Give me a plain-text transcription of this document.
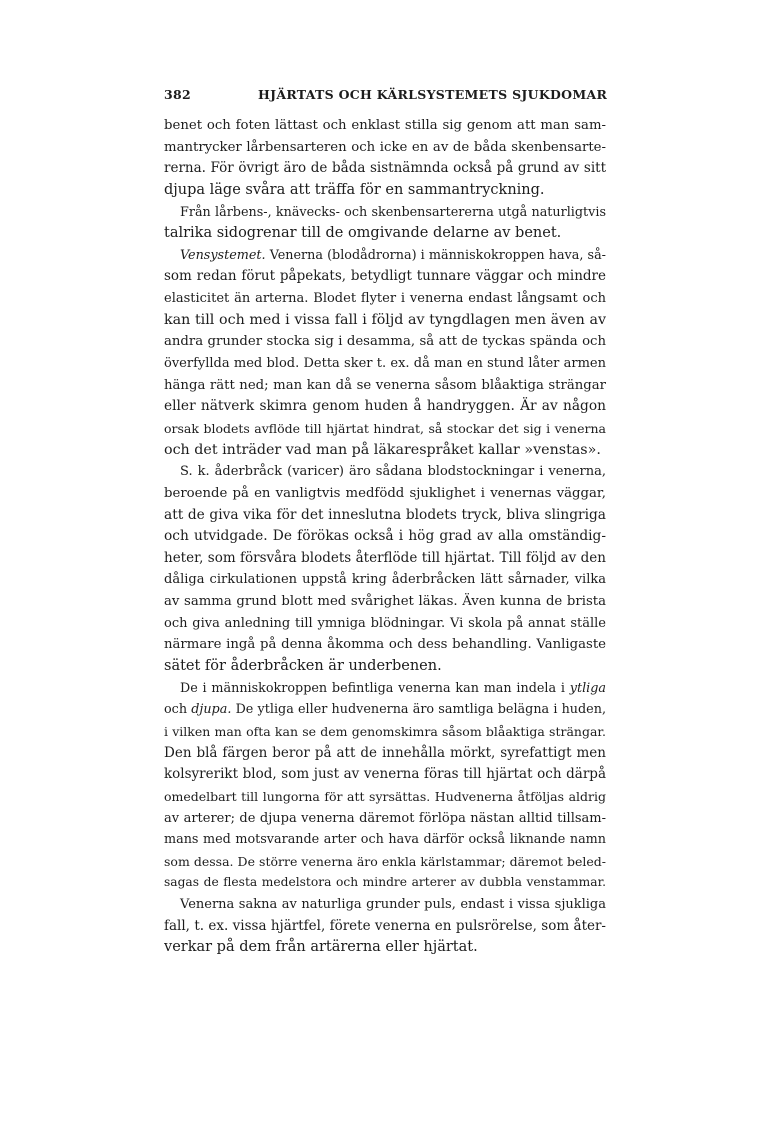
382	HJÄRTATS OCH KÄRLSYSTEMETS SJUKDOMAR
benet och foten lättast och enklast stilla sig genom att man sam-
mantrycker lårbensarteren och icke en av de båda skenbensarte-
rerna. För övrigt äro de båda sistnämnda också på grund av sitt
djupa läge svåra att träffa för en sammantryckning.
Från lårbens-, knävecks- och skenbensartererna utgå naturligtvis
talrika sidogrenar till de omgivande delarne av benet.
Vensystemet. Venerna (blodådrorna) i människokroppen hava, så-
som redan förut påpekats, betydligt tunnare väggar och mindre
elasticitet än arterna. Blodet flyter i venerna endast långsamt och
kan till och med i vissa fall i följd av tyngdlagen men även av
andra grunder stocka sig i desamma, så att de tyckas spända och
överfyllda med blod. Detta sker t. ex. då man en stund låter armen
hänga rätt ned; man kan då se venerna såsom blåaktiga strängar
eller nätverk skimra genom huden å handryggen. Är av någon
orsak blodets avflöde till hjärtat hindrat, så stockar det sig i venerna
och det inträder vad man på läkarespråket kallar »venstas».
S. k. åderbråck (varicer) äro sådana blodstockningar i venerna,
beroende på en vanligtvis medfödd sjuklighet i venernas väggar,
att de giva vika för det inneslutna blodets tryck, bliva slingriga
och utvidgade. De förökas också i hög grad av alla omständig-
heter, som försvåra blodets återflöde till hjärtat. Till följd av den
dåliga cirkulationen uppstå kring åderbråcken lätt sårnader, vilka
av samma grund blott med svårighet läkas. Även kunna de brista
och giva anledning till ymniga blödningar. Vi skola på annat ställe
närmare ingå på denna åkomma och dess behandling. Vanligaste
sätet för åderbråcken är underbenen.
De i människokroppen befintliga venerna kan man indela i ytliga
och djupa. De ytliga eller hudvenerna äro samtliga belägna i huden,
i vilken man ofta kan se dem genomskimra såsom blåaktiga strängar.
Den blå färgen beror på att de innehålla mörkt, syrefattigt men
kolsyrerikt blod, som just av venerna föras till hjärtat och därpå
omedelbart till lungorna för att syrsättas. Hudvenerna åtföljas aldrig
av arterer; de djupa venerna däremot förlöpa nästan alltid tillsam-
mans med motsvarande arter och hava därför också liknande namn
som dessa. De större venerna äro enkla kärlstammar; däremot beled-
sagas de flesta medelstora och mindre arterer av dubbla venstammar.
Venerna sakna av naturliga grunder puls, endast i vissa sjukliga
fall, t. ex. vissa hjärtfel, förete venerna en pulsrörelse, som åter-
verkar på dem från artärerna eller hjärtat.
